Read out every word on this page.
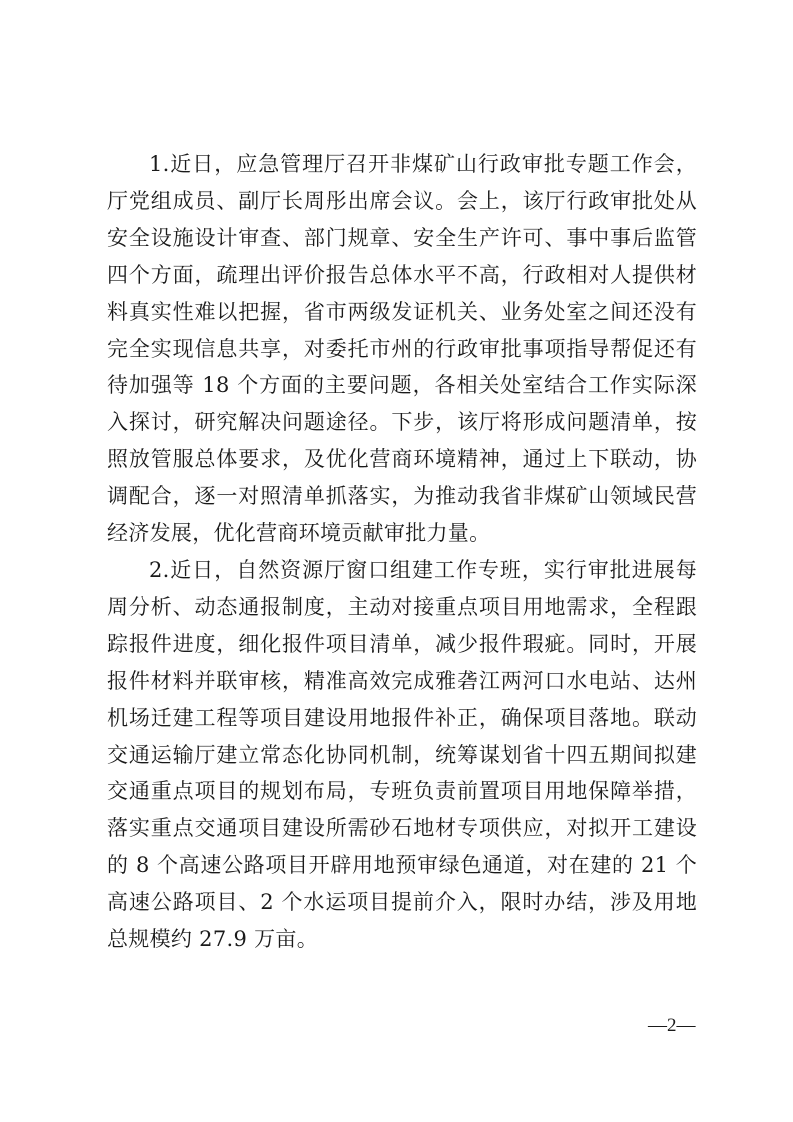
1.近日，应急管理厅召开非煤矿山行政审批专题工作会，厅党组成员、副厅长周彤出席会议。会上，该厅行政审批处从安全设施设计审查、部门规章、安全生产许可、事中事后监管四个方面，疏理出评价报告总体水平不高，行政相对人提供材料真实性难以把握，省市两级发证机关、业务处室之间还没有完全实现信息共享，对委托市州的行政审批事项指导帮促还有待加强等 18 个方面的主要问题，各相关处室结合工作实际深入探讨，研究解决问题途径。下步，该厅将形成问题清单，按照放管服总体要求，及优化营商环境精神，通过上下联动，协调配合，逐一对照清单抓落实，为推动我省非煤矿山领域民营经济发展，优化营商环境贡献审批力量。

2.近日，自然资源厅窗口组建工作专班，实行审批进展每周分析、动态通报制度，主动对接重点项目用地需求，全程跟踪报件进度，细化报件项目清单，减少报件瑕疵。同时，开展报件材料并联审核，精准高效完成雅砻江两河口水电站、达州机场迁建工程等项目建设用地报件补正，确保项目落地。联动交通运输厅建立常态化协同机制，统筹谋划省十四五期间拟建交通重点项目的规划布局，专班负责前置项目用地保障举措，落实重点交通项目建设所需砂石地材专项供应，对拟开工建设的 8 个高速公路项目开辟用地预审绿色通道，对在建的 21 个高速公路项目、2 个水运项目提前介入，限时办结，涉及用地总规模约 27.9 万亩。

—2—
